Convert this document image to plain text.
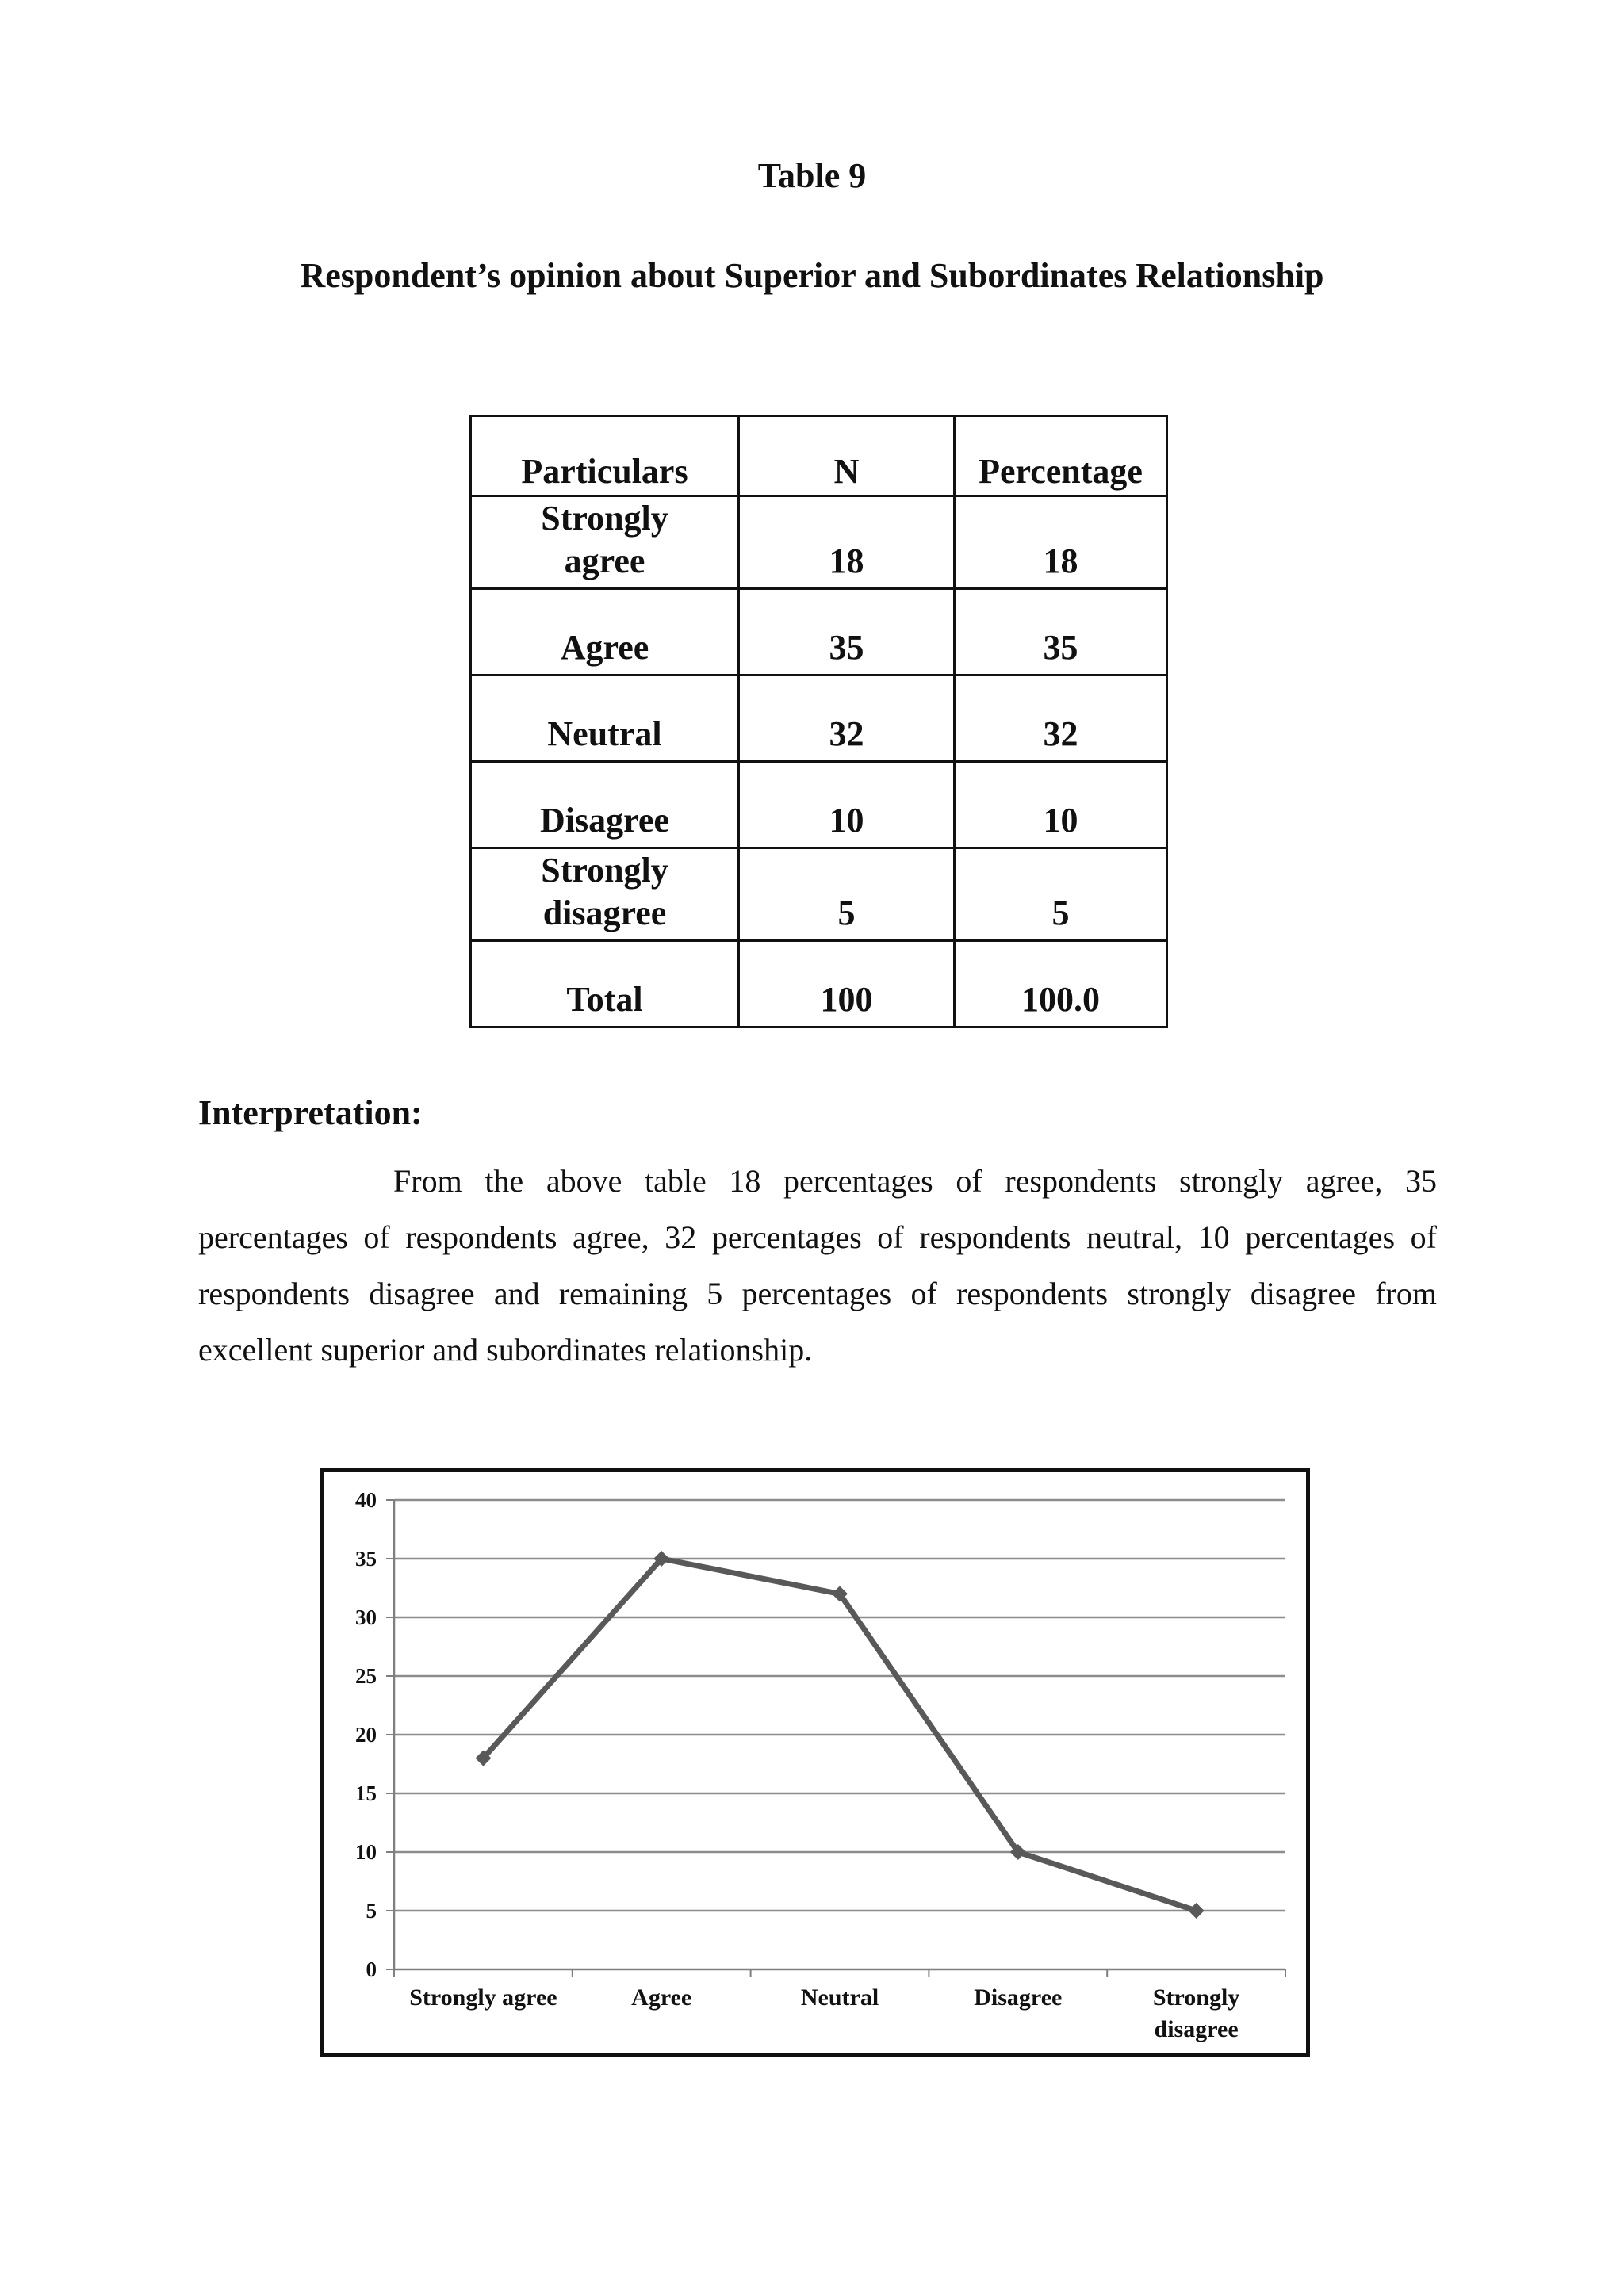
Table 9
Respondent’s opinion about Superior and Subordinates Relationship
Particulars	N	Percentage
Strongly
agree	18	18
Agree	35	35
Neutral	32	32
Disagree	10	10
Strongly
disagree	5	5
Total	100	100.0
Interpretation:

From the above table 18 percentages of respondents strongly agree, 35 percentages of respondents agree, 32 percentages of respondents neutral, 10 percentages of respondents disagree and remaining 5 percentages of respondents strongly disagree from excellent superior and subordinates relationship.

0
5
10
15
20
25
30
35
40
Strongly agree	Agree	Neutral	Disagree	Strongly
disagree
